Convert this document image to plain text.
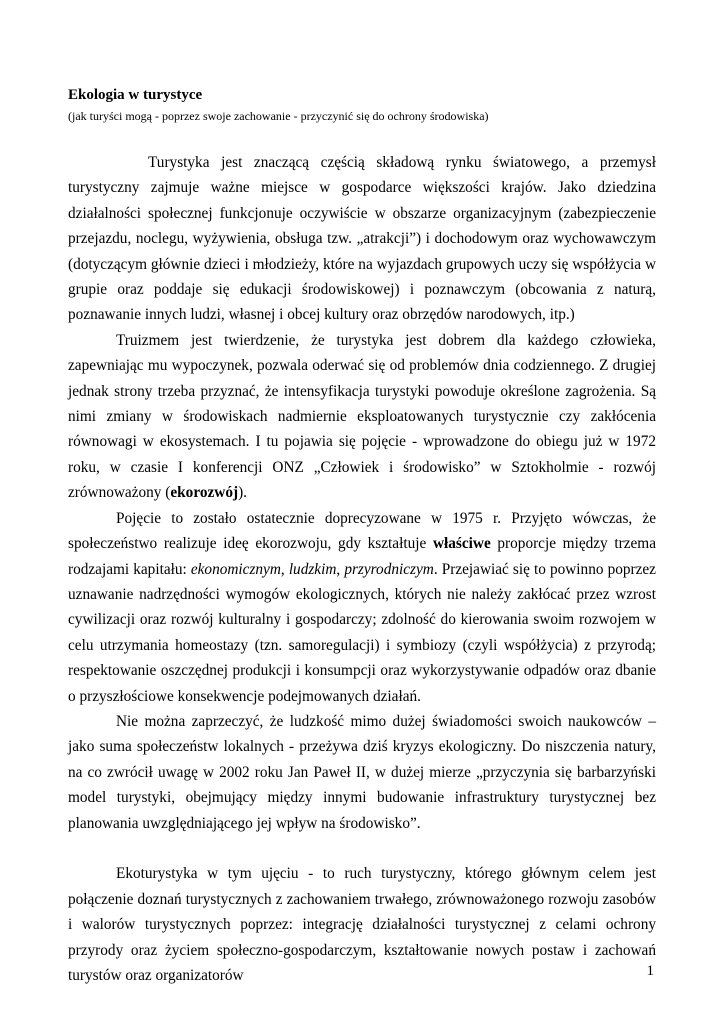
Ekologia w turystyce

(jak turyści mogą - poprzez swoje zachowanie - przyczynić się do ochrony środowiska)

Turystyka jest znaczącą częścią składową rynku światowego, a przemysł turystyczny zajmuje ważne miejsce w gospodarce większości krajów. Jako dziedzina działalności społecznej funkcjonuje oczywiście w obszarze organizacyjnym (zabezpieczenie przejazdu, noclegu, wyżywienia, obsługa tzw. „atrakcji”) i dochodowym oraz wychowawczym (dotyczącym głównie dzieci i młodzieży, które na wyjazdach grupowych uczy się współżycia w grupie oraz poddaje się edukacji środowiskowej) i poznawczym (obcowania z naturą, poznawanie innych ludzi, własnej i obcej kultury oraz obrzędów narodowych, itp.)

Truizmem jest twierdzenie, że turystyka jest dobrem dla każdego człowieka, zapewniając mu wypoczynek, pozwala oderwać się od problemów dnia codziennego. Z drugiej jednak strony trzeba przyznać, że intensyfikacja turystyki powoduje określone zagrożenia. Są nimi zmiany w środowiskach nadmiernie eksploatowanych turystycznie czy zakłócenia równowagi w ekosystemach. I tu pojawia się pojęcie - wprowadzone do obiegu już w 1972 roku, w czasie I konferencji ONZ „Człowiek i środowisko” w Sztokholmie - rozwój zrównoważony (ekorozwój).

Pojęcie to zostało ostatecznie doprecyzowane w 1975 r. Przyjęto wówczas, że społeczeństwo realizuje ideę ekorozwoju, gdy kształtuje właściwe proporcje między trzema rodzajami kapitału: ekonomicznym, ludzkim, przyrodniczym. Przejawiać się to powinno poprzez uznawanie nadrzędności wymogów ekologicznych, których nie należy zakłócać przez wzrost cywilizacji oraz rozwój kulturalny i gospodarczy; zdolność do kierowania swoim rozwojem w celu utrzymania homeostazy (tzn. samoregulacji) i symbiozy (czyli współżycia) z przyrodą; respektowanie oszczędnej produkcji i konsumpcji oraz wykorzystywanie odpadów oraz dbanie o przyszłościowe konsekwencje podejmowanych działań.

Nie można zaprzeczyć, że ludzkość mimo dużej świadomości swoich naukowców – jako suma społeczeństw lokalnych - przeżywa dziś kryzys ekologiczny. Do niszczenia natury, na co zwrócił uwagę w 2002 roku Jan Paweł II, w dużej mierze „przyczynia się barbarzyński model turystyki, obejmujący między innymi budowanie infrastruktury turystycznej bez planowania uwzględniającego jej wpływ na środowisko”.

Ekoturystyka w tym ujęciu - to ruch turystyczny, którego głównym celem jest połączenie doznań turystycznych z zachowaniem trwałego, zrównoważonego rozwoju zasobów i walorów turystycznych poprzez: integrację działalności turystycznej z celami ochrony przyrody oraz życiem społeczno-gospodarczym, kształtowanie nowych postaw i zachowań turystów oraz organizatorów	1
